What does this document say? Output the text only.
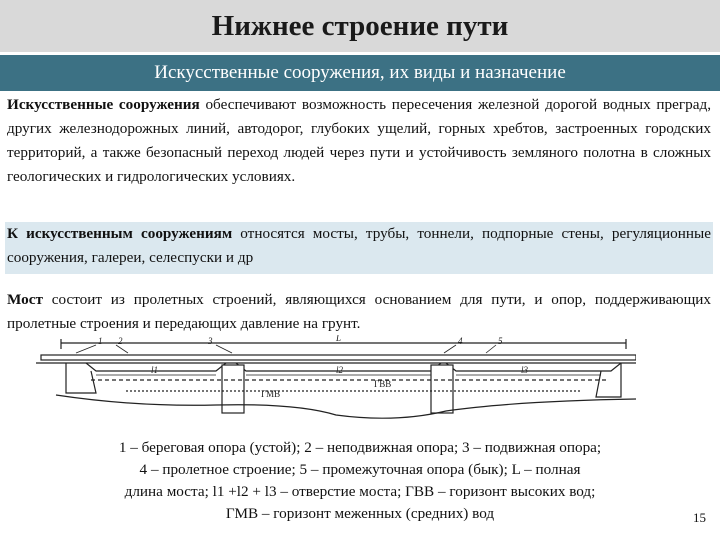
Нижнее строение пути
Искусственные сооружения, их виды и назначение
Искусственные сооружения обеспечивают возможность пересечения железной дорогой водных преград, других железнодорожных линий, автодорог, глубоких ущелий, горных хребтов, застроенных городских территорий, а также безопасный переход людей через пути и устойчивость земляного полотна в сложных геологических и гидрологических условиях.
К искусственным сооружениям относятся мосты, трубы, тоннели, подпорные стены, регуляционные сооружения, галереи, селеспуски и др
Мост состоит из пролетных строений, являющихся основанием для пути, и опор, поддерживающих пролетные строения и передающих давление на грунт.
L
l1	l2	l3
1 2	3	4	5
ГВВ
ГМВ
1 – береговая опора (устой); 2 – неподвижная опора; 3 – подвижная опора;
4 – пролетное строение; 5 – промежуточная опора (бык); L – полная
длина моста; l1 +l2 + l3 – отверстие моста; ГВВ – горизонт высоких вод;
ГМВ – горизонт меженных (средних) вод	15
